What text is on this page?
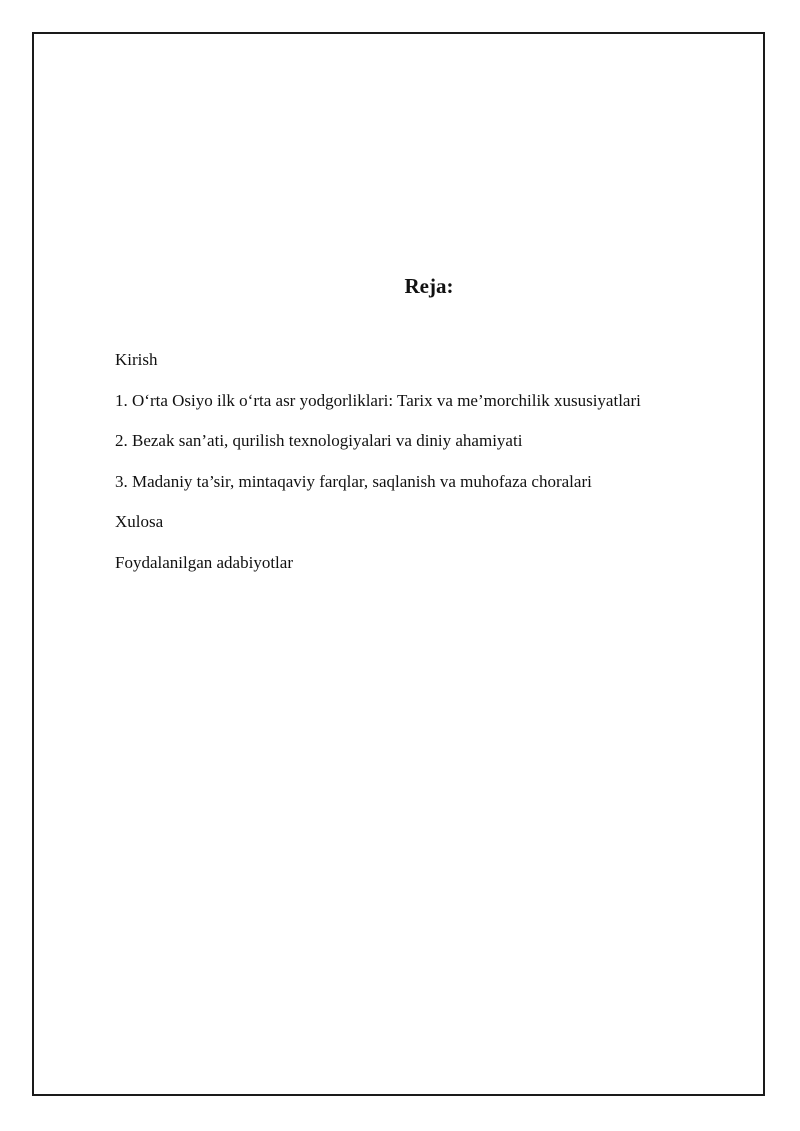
Reja:
Kirish
1. O‘rta Osiyo ilk o‘rta asr yodgorliklari: Tarix va me’morchilik xususiyatlari
2. Bezak san’ati, qurilish texnologiyalari va diniy ahamiyati
3. Madaniy ta’sir, mintaqaviy farqlar, saqlanish va muhofaza choralari
Xulosa
Foydalanilgan adabiyotlar
